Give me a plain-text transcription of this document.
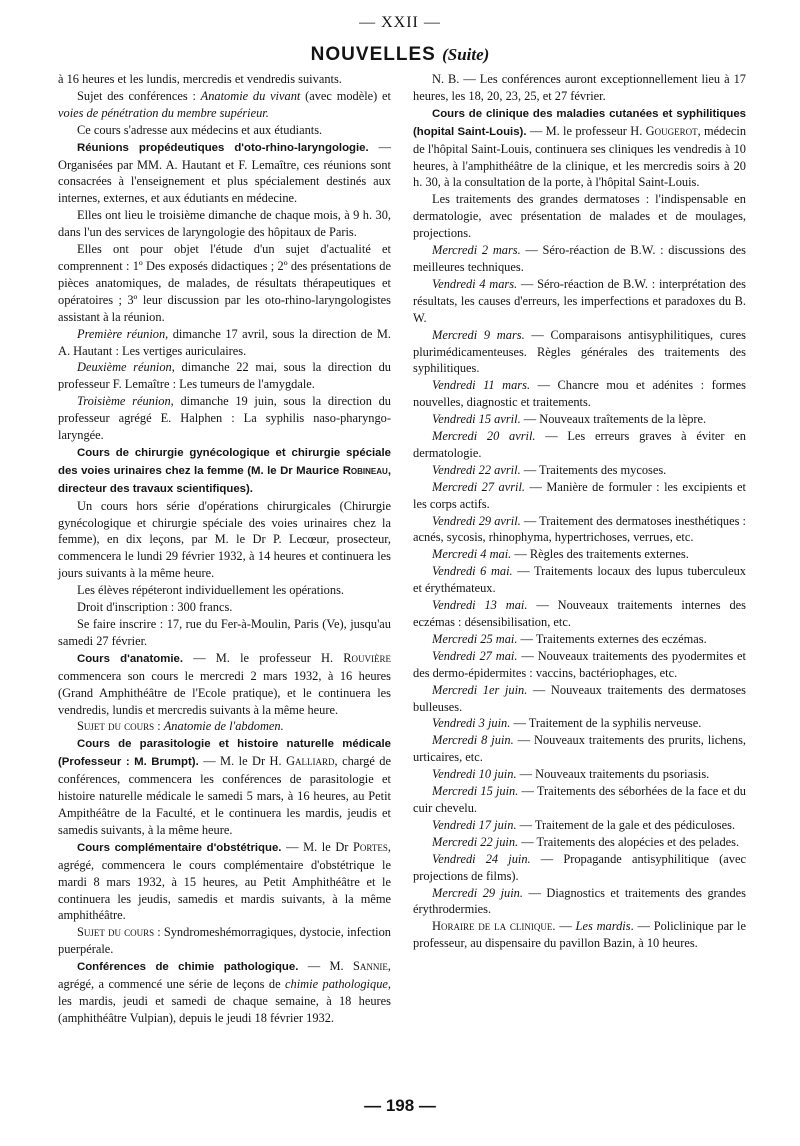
— XXII —
NOUVELLES (Suite)

à 16 heures et les lundis, mercredis et vendredis suivants.

Sujet des conférences : Anatomie du vivant (avec modèle) et voies de pénétration du membre supérieur.

Ce cours s'adresse aux médecins et aux étudiants.

Réunions propédeutiques d'oto-rhino-laryngologie. — Organisées par MM. A. Hautant et F. Lemaître, ces réunions sont consacrées à l'enseignement et plus spécialement destinés aux internes, externes, et aux édutiants en médecine.

Elles ont lieu le troisième dimanche de chaque mois, à 9 h. 30, dans l'un des services de laryngologie des hôpitaux de Paris.

Elles ont pour objet l'étude d'un sujet d'actualité et comprennent : 1º Des exposés didactiques ; 2º des présentations de pièces anatomiques, de malades, de résultats thérapeutiques et opératoires ; 3º leur discussion par les oto-rhino-laryngologistes assistant à la réunion.

Première réunion, dimanche 17 avril, sous la direction de M. A. Hautant : Les vertiges auriculaires.

Deuxième réunion, dimanche 22 mai, sous la direction du professeur F. Lemaître : Les tumeurs de l'amygdale.

Troisième réunion, dimanche 19 juin, sous la direction du professeur agrégé E. Halphen : La syphilis naso-pharyngo-laryngée.

Cours de chirurgie gynécologique et chirurgie spéciale des voies urinaires chez la femme (M. le Dr Maurice Robineau, directeur des travaux scientifiques).

Un cours hors série d'opérations chirurgicales (Chirurgie gynécologique et chirurgie spéciale des voies urinaires chez la femme), en dix leçons, par M. le Dr P. Lecœur, prosecteur, commencera le lundi 29 février 1932, à 14 heures et continuera les jours suivants à la même heure.

Les élèves répéteront individuellement les opérations.

Droit d'inscription : 300 francs.

Se faire inscrire : 17, rue du Fer-à-Moulin, Paris (Ve), jusqu'au samedi 27 février.

Cours d'anatomie. — M. le professeur H. Rouvière commencera son cours le mercredi 2 mars 1932, à 16 heures (Grand Amphithéâtre de l'Ecole pratique), et le continuera les vendredis, lundis et mercredis suivants à la même heure.

Sujet du cours : Anatomie de l'abdomen.

Cours de parasitologie et histoire naturelle médicale (Professeur : M. Brumpt). — M. le Dr H. Galliard, chargé de conférences, commencera les conférences de parasitologie et histoire naturelle médicale le samedi 5 mars, à 16 heures, au Petit Ampithéâtre de la Faculté, et le continuera les mardis, jeudis et samedis suivants, à la même heure.

Cours complémentaire d'obstétrique. — M. le Dr Portes, agrégé, commencera le cours complémentaire d'obstétrique le mardi 8 mars 1932, à 15 heures, au Petit Amphithéâtre et le continuera les jeudis, samedis et mardis suivants, à la même amphithéâtre.

Sujet du cours : Syndromeshémorragiques, dystocie, infection puerpérale.

Conférences de chimie pathologique. — M. Sannie, agrégé, a commencé une série de leçons de chimie pathologique, les mardis, jeudi et samedi de chaque semaine, à 18 heures (amphithéâtre Vulpian), depuis le jeudi 18 février 1932.

N. B. — Les conférences auront exceptionnellement lieu à 17 heures, les 18, 20, 23, 25, et 27 février.

Cours de clinique des maladies cutanées et syphilitiques (hopital Saint-Louis). — M. le professeur H. Gougerot, médecin de l'hôpital Saint-Louis, continuera ses cliniques les vendredis à 10 heures, à l'amphithéâtre de la clinique, et les mercredis soirs à 20 h. 30, à la consultation de la porte, à l'hôpital Saint-Louis.

Les traitements des grandes dermatoses : l'indispensable en dermatologie, avec présentation de malades et de moulages, projections.

Mercredi 2 mars. — Séro-réaction de B.W. : discussions des meilleures techniques.

Vendredi 4 mars. — Séro-réaction de B.W. : interprétation des résultats, les causes d'erreurs, les imperfections et paradoxes du B. W.

Mercredi 9 mars. — Comparaisons antisyphilitiques, cures plurimédicamenteuses. Règles générales des traitements des syphilitiques.

Vendredi 11 mars. — Chancre mou et adénites : formes nouvelles, diagnostic et traitements.

Vendredi 15 avril. — Nouveaux traîtements de la lèpre.

Mercredi 20 avril. — Les erreurs graves à éviter en dermatologie.

Vendredi 22 avril. — Traitements des mycoses.

Mercredi 27 avril. — Manière de formuler : les excipients et les corps actifs.

Vendredi 29 avril. — Traitement des dermatoses inesthétiques : acnés, sycosis, rhinophyma, hypertrichoses, verrues, etc.

Mercredi 4 mai. — Règles des traitements externes.

Vendredi 6 mai. — Traitements locaux des lupus tuberculeux et érythémateux.

Vendredi 13 mai. — Nouveaux traitements internes des eczémas : désensibilisation, etc.

Mercredi 25 mai. — Traitements externes des eczémas.

Vendredi 27 mai. — Nouveaux traitements des pyodermites et des dermo-épidermites : vaccins, bactériophages, etc.

Mercredi 1er juin. — Nouveaux traitements des dermatoses bulleuses.

Vendredi 3 juin. — Traitement de la syphilis nerveuse.

Mercredi 8 juin. — Nouveaux traitements des prurits, lichens, urticaires, etc.

Vendredi 10 juin. — Nouveaux traitements du psoriasis.

Mercredi 15 juin. — Traitements des séborhées de la face et du cuir chevelu.

Vendredi 17 juin. — Traitement de la gale et des pédiculoses.

Mercredi 22 juin. — Traitements des alopécies et des pelades.

Vendredi 24 juin. — Propagande antisyphilitique (avec projections de films).

Mercredi 29 juin. — Diagnostics et traitements des grandes érythrodermies.

Horaire de la clinique. — Les mardis. — Policlinique par le professeur, au dispensaire du pavillon Bazin, à 10 heures.

— 198 —
